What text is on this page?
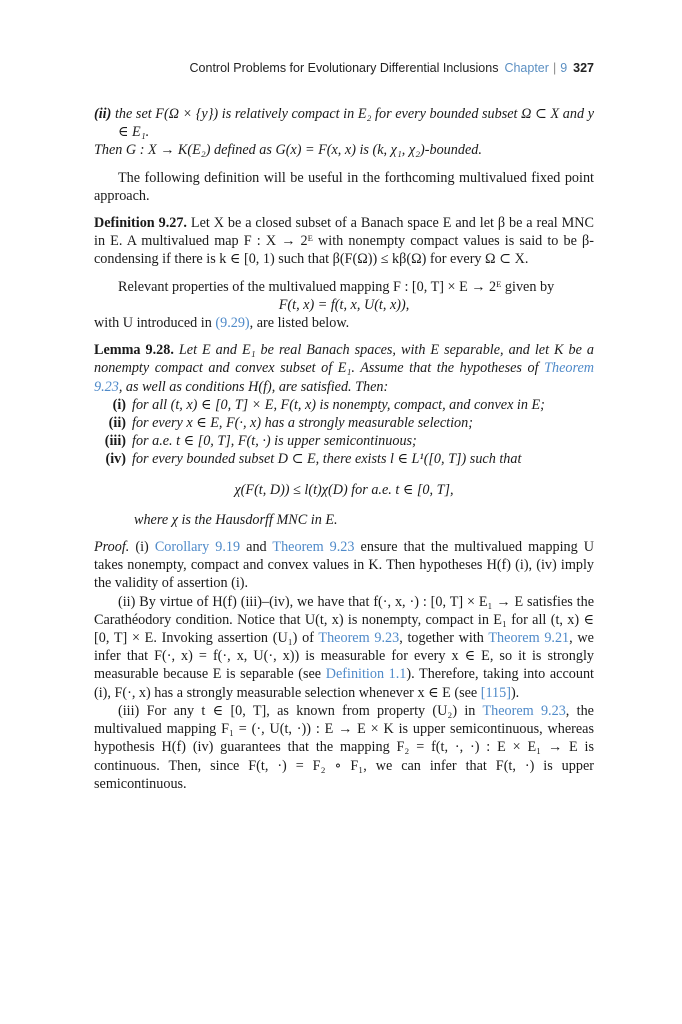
Control Problems for Evolutionary Differential Inclusions Chapter | 9 327

(ii) the set F(Ω × {y}) is relatively compact in E₂ for every bounded subset Ω ⊂ X and y ∈ E₁.

Then G : X → K(E₂) defined as G(x) = F(x, x) is (k, χ₁, χ₂)-bounded.

The following definition will be useful in the forthcoming multivalued fixed point approach.

Definition 9.27. Let X be a closed subset of a Banach space E and let β be a real MNC in E. A multivalued map F : X → 2ᴱ with nonempty compact values is said to be β-condensing if there is k ∈ [0, 1) such that β(F(Ω)) ≤ kβ(Ω) for every Ω ⊂ X.

Relevant properties of the multivalued mapping F : [0, T] × E → 2ᴱ given by

F(t, x) = f(t, x, U(t, x)),

with U introduced in (9.29), are listed below.

Lemma 9.28. Let E and E₁ be real Banach spaces, with E separable, and let K be a nonempty compact and convex subset of E₁. Assume that the hypotheses of Theorem 9.23, as well as conditions H(f), are satisfied. Then:

(i) for all (t, x) ∈ [0, T] × E, F(t, x) is nonempty, compact, and convex in E;
(ii) for every x ∈ E, F(·, x) has a strongly measurable selection;
(iii) for a.e. t ∈ [0, T], F(t, ·) is upper semicontinuous;
(iv) for every bounded subset D ⊂ E, there exists l ∈ L¹([0, T]) such that

χ(F(t, D)) ≤ l(t)χ(D) for a.e. t ∈ [0, T],

where χ is the Hausdorff MNC in E.

Proof. (i) Corollary 9.19 and Theorem 9.23 ensure that the multivalued mapping U takes nonempty, compact and convex values in K. Then hypotheses H(f) (i), (iv) imply the validity of assertion (i).

(ii) By virtue of H(f) (iii)–(iv), we have that f(·, x, ·) : [0, T] × E₁ → E satisfies the Carathéodory condition. Notice that U(t, x) is nonempty, compact in E₁ for all (t, x) ∈ [0, T] × E. Invoking assertion (U₁) of Theorem 9.23, together with Theorem 9.21, we infer that F(·, x) = f(·, x, U(·, x)) is measurable for every x ∈ E, so it is strongly measurable because E is separable (see Definition 1.1). Therefore, taking into account (i), F(·, x) has a strongly measurable selection whenever x ∈ E (see [115]).

(iii) For any t ∈ [0, T], as known from property (U₂) in Theorem 9.23, the multivalued mapping F₁ = (·, U(t, ·)) : E → E × K is upper semicontinuous, whereas hypothesis H(f) (iv) guarantees that the mapping F₂ = f(t, ·, ·) : E × E₁ → E is continuous. Then, since F(t, ·) = F₂ ∘ F₁, we can infer that F(t, ·) is upper semicontinuous.
